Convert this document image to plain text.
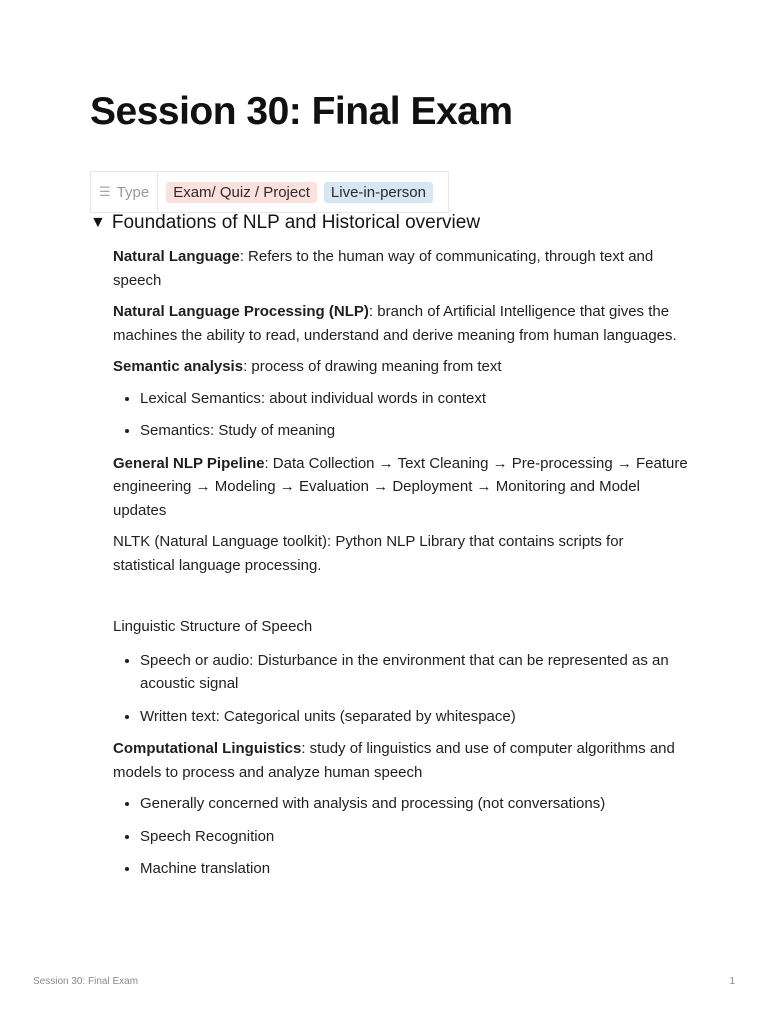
Session 30: Final Exam
☰ Type	Exam/ Quiz / Project	Live-in-person
▼ Foundations of NLP and Historical overview

Natural Language: Refers to the human way of communicating, through text and speech

Natural Language Processing (NLP): branch of Artificial Intelligence that gives the machines the ability to read, understand and derive meaning from human languages.

Semantic analysis: process of drawing meaning from text

• Lexical Semantics: about individual words in context
• Semantics: Study of meaning

General NLP Pipeline: Data Collection → Text Cleaning → Pre-processing → Feature engineering → Modeling → Evaluation → Deployment → Monitoring and Model updates

NLTK (Natural Language toolkit): Python NLP Library that contains scripts for statistical language processing.

Linguistic Structure of Speech

• Speech or audio: Disturbance in the environment that can be represented as an acoustic signal
• Written text: Categorical units (separated by whitespace)

Computational Linguistics: study of linguistics and use of computer algorithms and models to process and analyze human speech

• Generally concerned with analysis and processing (not conversations)
• Speech Recognition
• Machine translation
Session 30: Final Exam	1
